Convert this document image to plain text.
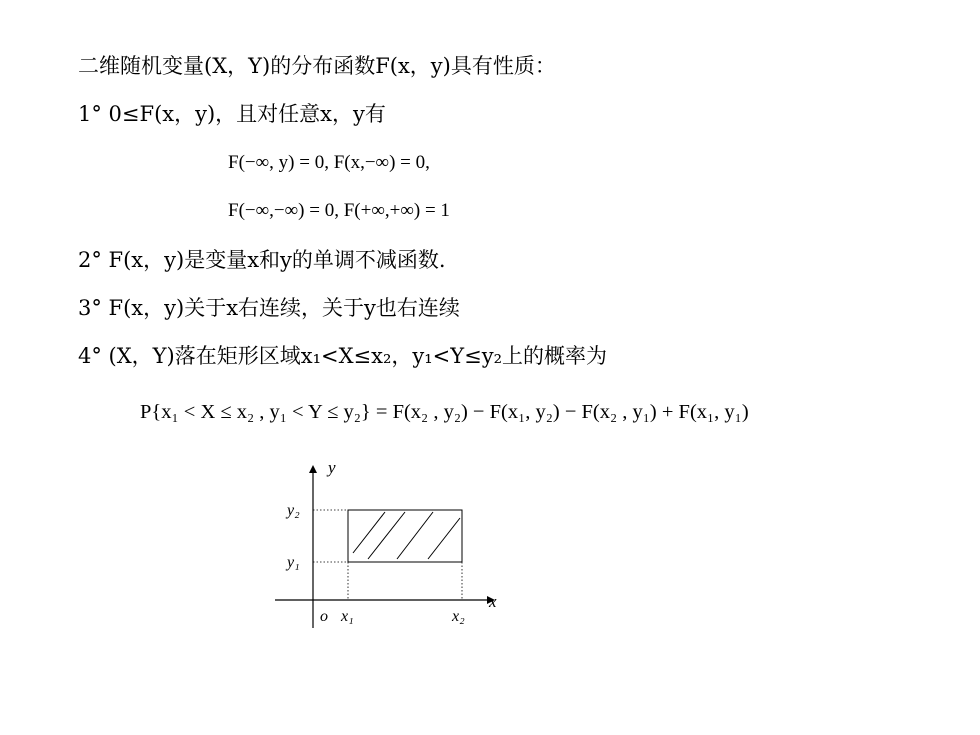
二维随机变量(X，Y)的分布函数F(x，y)具有性质：
1° 0≤F(x，y)，且对任意x，y有
F(−∞, y) = 0, F(x,−∞) = 0,
F(−∞,−∞) = 0, F(+∞,+∞) = 1
2° F(x，y)是变量x和y的单调不减函数.
3° F(x，y)关于x右连续，关于y也右连续
4° (X，Y)落在矩形区域x₁<X≤x₂，y₁<Y≤y₂上的概率为
P{x₁ < X ≤ x₂ , y₁ < Y ≤ y₂} = F(x₂ , y₂) − F(x₁, y₂) − F(x₂ , y₁) + F(x₁, y₁)
y
x
o x₁	x₂
y₁
y₂
